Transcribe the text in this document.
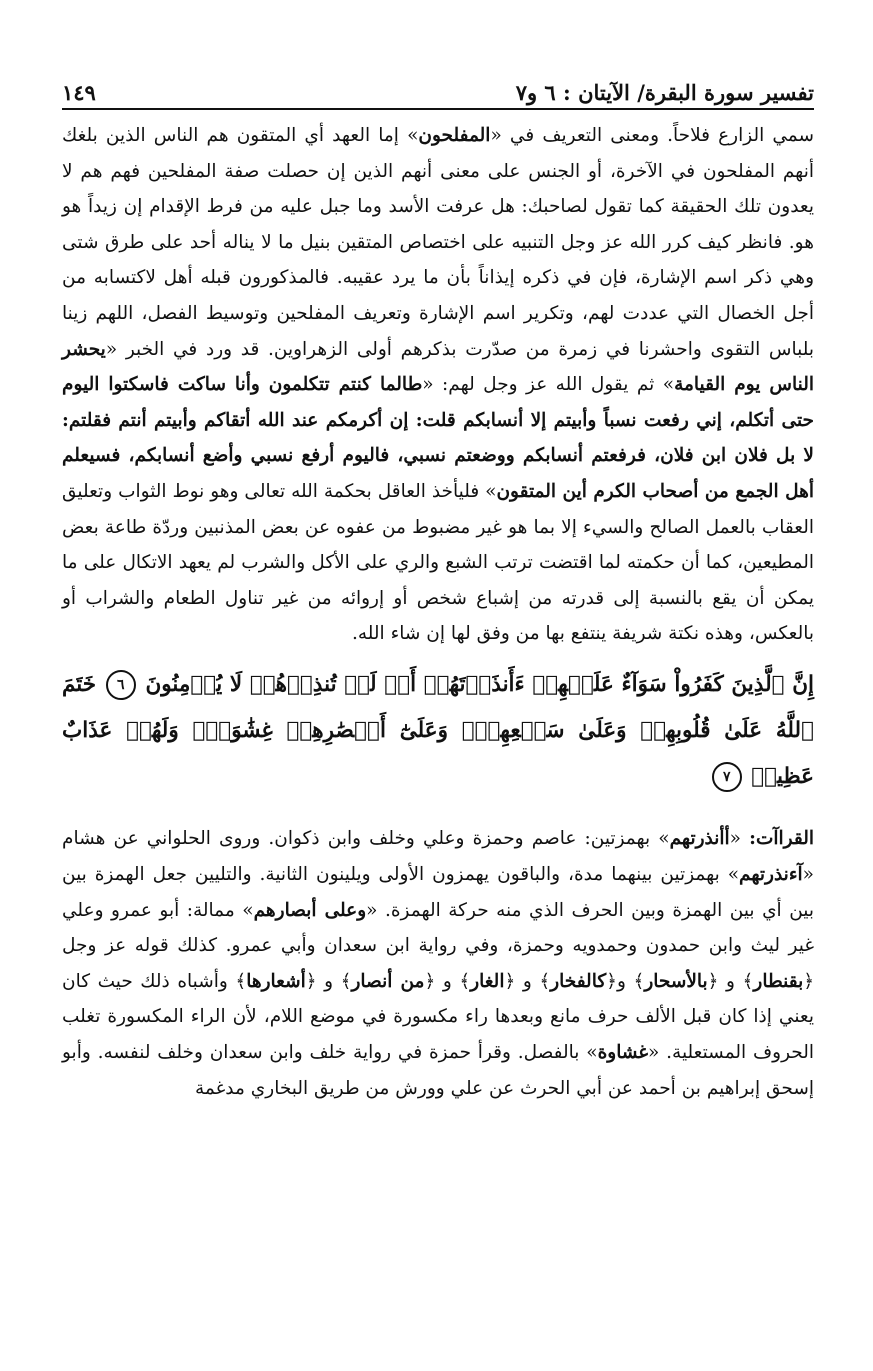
تفسير سورة البقرة/ الآيتان : ٦ و٧
١٤٩

سمي الزارع فلاحاً. ومعنى التعريف في «المفلحون» إما العهد أي المتقون هم الناس الذين بلغك أنهم المفلحون في الآخرة، أو الجنس على معنى أنهم الذين إن حصلت صفة المفلحين فهم هم لا يعدون تلك الحقيقة كما تقول لصاحبك: هل عرفت الأسد وما جبل عليه من فرط الإقدام إن زيداً هو هو. فانظر كيف كرر الله عز وجل التنبيه على اختصاص المتقين بنيل ما لا يناله أحد على طرق شتى وهي ذكر اسم الإشارة، فإن في ذكره إيذاناً بأن ما يرد عقيبه. فالمذكورون قبله أهل لاكتسابه من أجل الخصال التي عددت لهم، وتكرير اسم الإشارة وتعريف المفلحين وتوسيط الفصل، اللهم زينا بلباس التقوى واحشرنا في زمرة من صدّرت بذكرهم أولى الزهراوين. قد ورد في الخبر «يحشر الناس يوم القيامة» ثم يقول الله عز وجل لهم: «طالما كنتم تتكلمون وأنا ساكت فاسكتوا اليوم حتى أتكلم، إني رفعت نسباً وأبيتم إلا أنسابكم قلت: إن أكرمكم عند الله أتقاكم وأبيتم أنتم فقلتم: لا بل فلان ابن فلان، فرفعتم أنسابكم ووضعتم نسبي، فاليوم أرفع نسبي وأضع أنسابكم، فسيعلم أهل الجمع من أصحاب الكرم أين المتقون» فليأخذ العاقل بحكمة الله تعالى وهو نوط الثواب وتعليق العقاب بالعمل الصالح والسيء إلا بما هو غير مضبوط من عفوه عن بعض المذنبين وردّة طاعة بعض المطيعين، كما أن حكمته لما اقتضت ترتب الشبع والري على الأكل والشرب لم يعهد الاتكال على ما يمكن أن يقع بالنسبة إلى قدرته من إشباع شخص أو إروائه من غير تناول الطعام والشراب أو بالعكس، وهذه نكتة شريفة ينتفع بها من وفق لها إن شاء الله.

إِنَّ ٱلَّذِينَ كَفَرُواْ سَوَآءٌ عَلَيۡهِمۡ ءَأَنذَرۡتَهُمۡ أَمۡ لَمۡ تُنذِرۡهُمۡ لَا يُؤۡمِنُونَ ٦ خَتَمَ ٱللَّهُ عَلَىٰ قُلُوبِهِمۡ وَعَلَىٰ سَمۡعِهِمۡۖ وَعَلَىٰٓ أَبۡصَٰرِهِمۡ غِشَٰوَةٞۖ وَلَهُمۡ عَذَابٌ عَظِيمٞ ٧

القراآت: «أأنذرتهم» بهمزتين: عاصم وحمزة وعلي وخلف وابن ذكوان. وروى الحلواني عن هشام «آءنذرتهم» بهمزتين بينهما مدة، والباقون يهمزون الأولى ويلينون الثانية. والتليين جعل الهمزة بين بين أي بين الهمزة وبين الحرف الذي منه حركة الهمزة. «وعلى أبصارهم» ممالة: أبو عمرو وعلي غير ليث وابن حمدون وحمدويه وحمزة، وفي رواية ابن سعدان وأبي عمرو. كذلك قوله عز وجل ﴿بقنطار﴾ و ﴿بالأسحار﴾ و﴿كالفخار﴾ و ﴿الغار﴾ و ﴿من أنصار﴾ و ﴿أشعارها﴾ وأشباه ذلك حيث كان يعني إذا كان قبل الألف حرف مانع وبعدها راء مكسورة في موضع اللام، لأن الراء المكسورة تغلب الحروف المستعلية. «غشاوة» بالفصل. وقرأ حمزة في رواية خلف وابن سعدان وخلف لنفسه. وأبو إسحق إبراهيم بن أحمد عن أبي الحرث عن علي وورش من طريق البخاري مدغمة
